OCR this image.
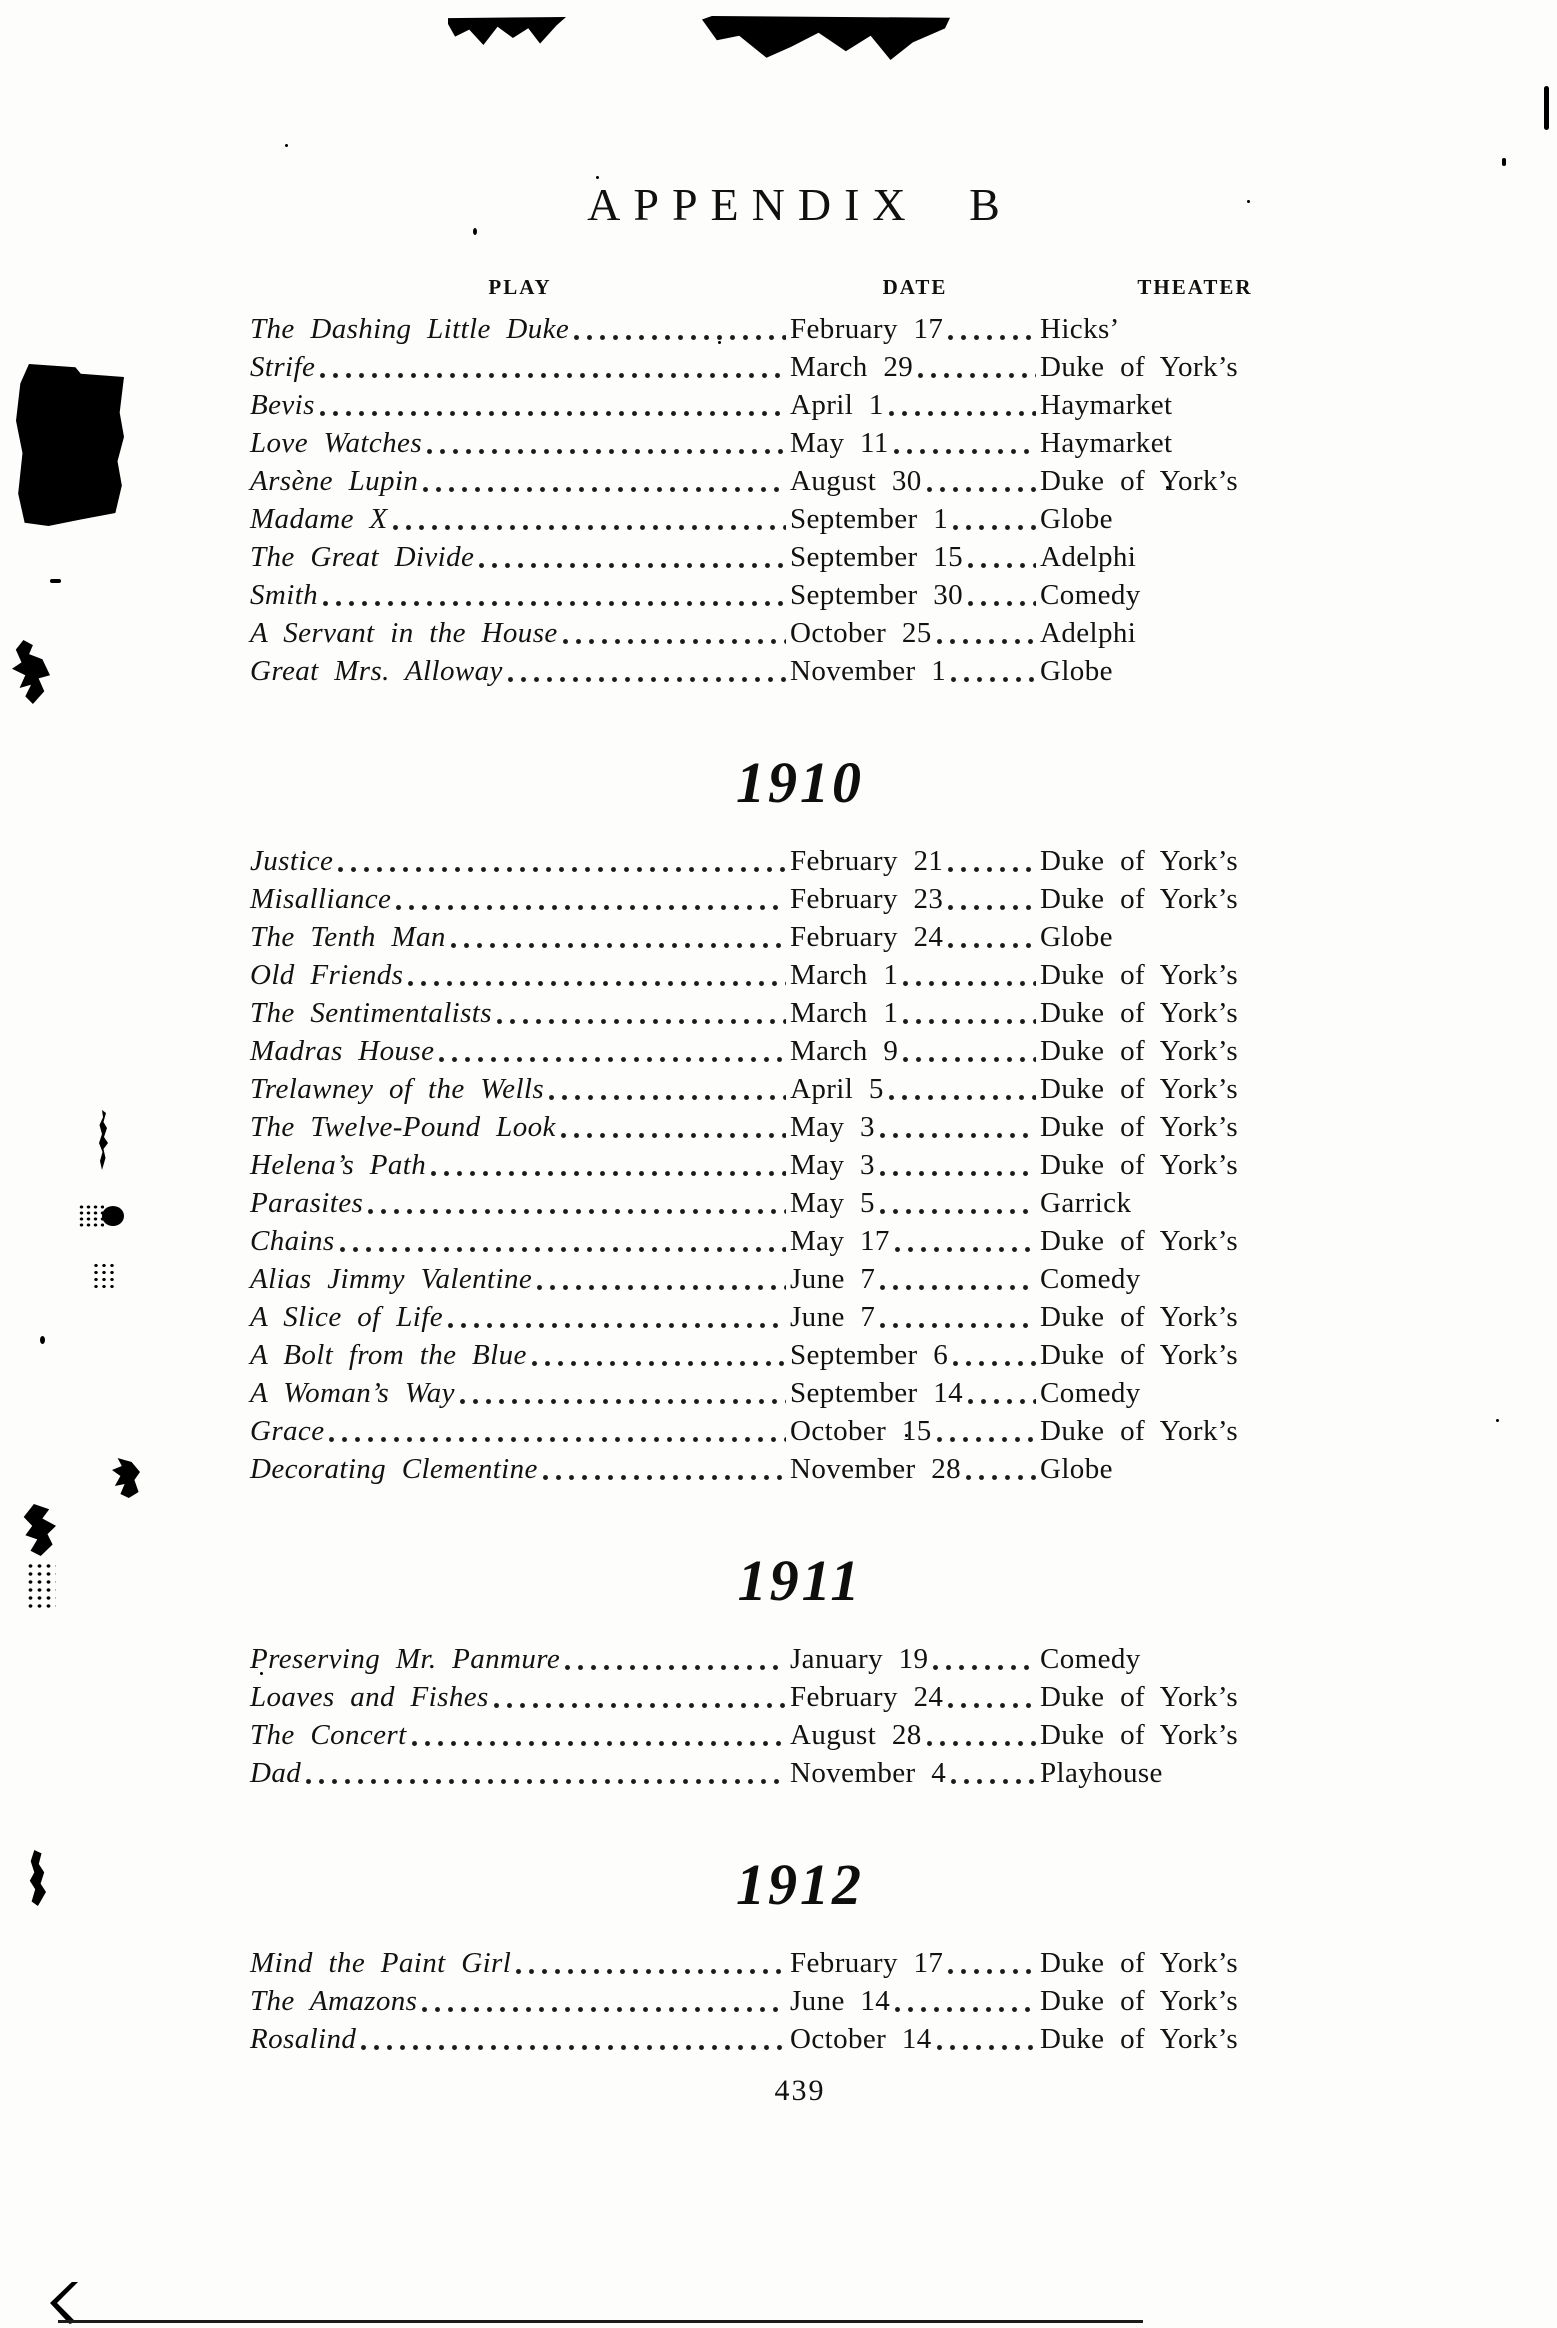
APPENDIX B
PLAY	DATE	THEATER
The Dashing Little Duke	February 17	Hicks’
Strife	March 29	Duke of York’s
Bevis	April 1	Haymarket
Love Watches	May 11	Haymarket
Arsène Lupin	August 30	Duke of York’s
Madame X	September 1	Globe
The Great Divide	September 15	Adelphi
Smith	September 30	Comedy
A Servant in the House	October 25	Adelphi
Great Mrs. Alloway	November 1	Globe
1910
Justice	February 21	Duke of York’s
Misalliance	February 23	Duke of York’s
The Tenth Man	February 24	Globe
Old Friends	March 1	Duke of York’s
The Sentimentalists	March 1	Duke of York’s
Madras House	March 9	Duke of York’s
Trelawney of the Wells	April 5	Duke of York’s
The Twelve-Pound Look	May 3	Duke of York’s
Helena’s Path	May 3	Duke of York’s
Parasites	May 5	Garrick
Chains	May 17	Duke of York’s
Alias Jimmy Valentine	June 7	Comedy
A Slice of Life	June 7	Duke of York’s
A Bolt from the Blue	September 6	Duke of York’s
A Woman’s Way	September 14	Comedy
Grace	October 15	Duke of York’s
Decorating Clementine	November 28	Globe
1911
Preserving Mr. Panmure	January 19	Comedy
Loaves and Fishes	February 24	Duke of York’s
The Concert	August 28	Duke of York’s
Dad	November 4	Playhouse
1912
Mind the Paint Girl	February 17	Duke of York’s
The Amazons	June 14	Duke of York’s
Rosalind	October 14	Duke of York’s
439
